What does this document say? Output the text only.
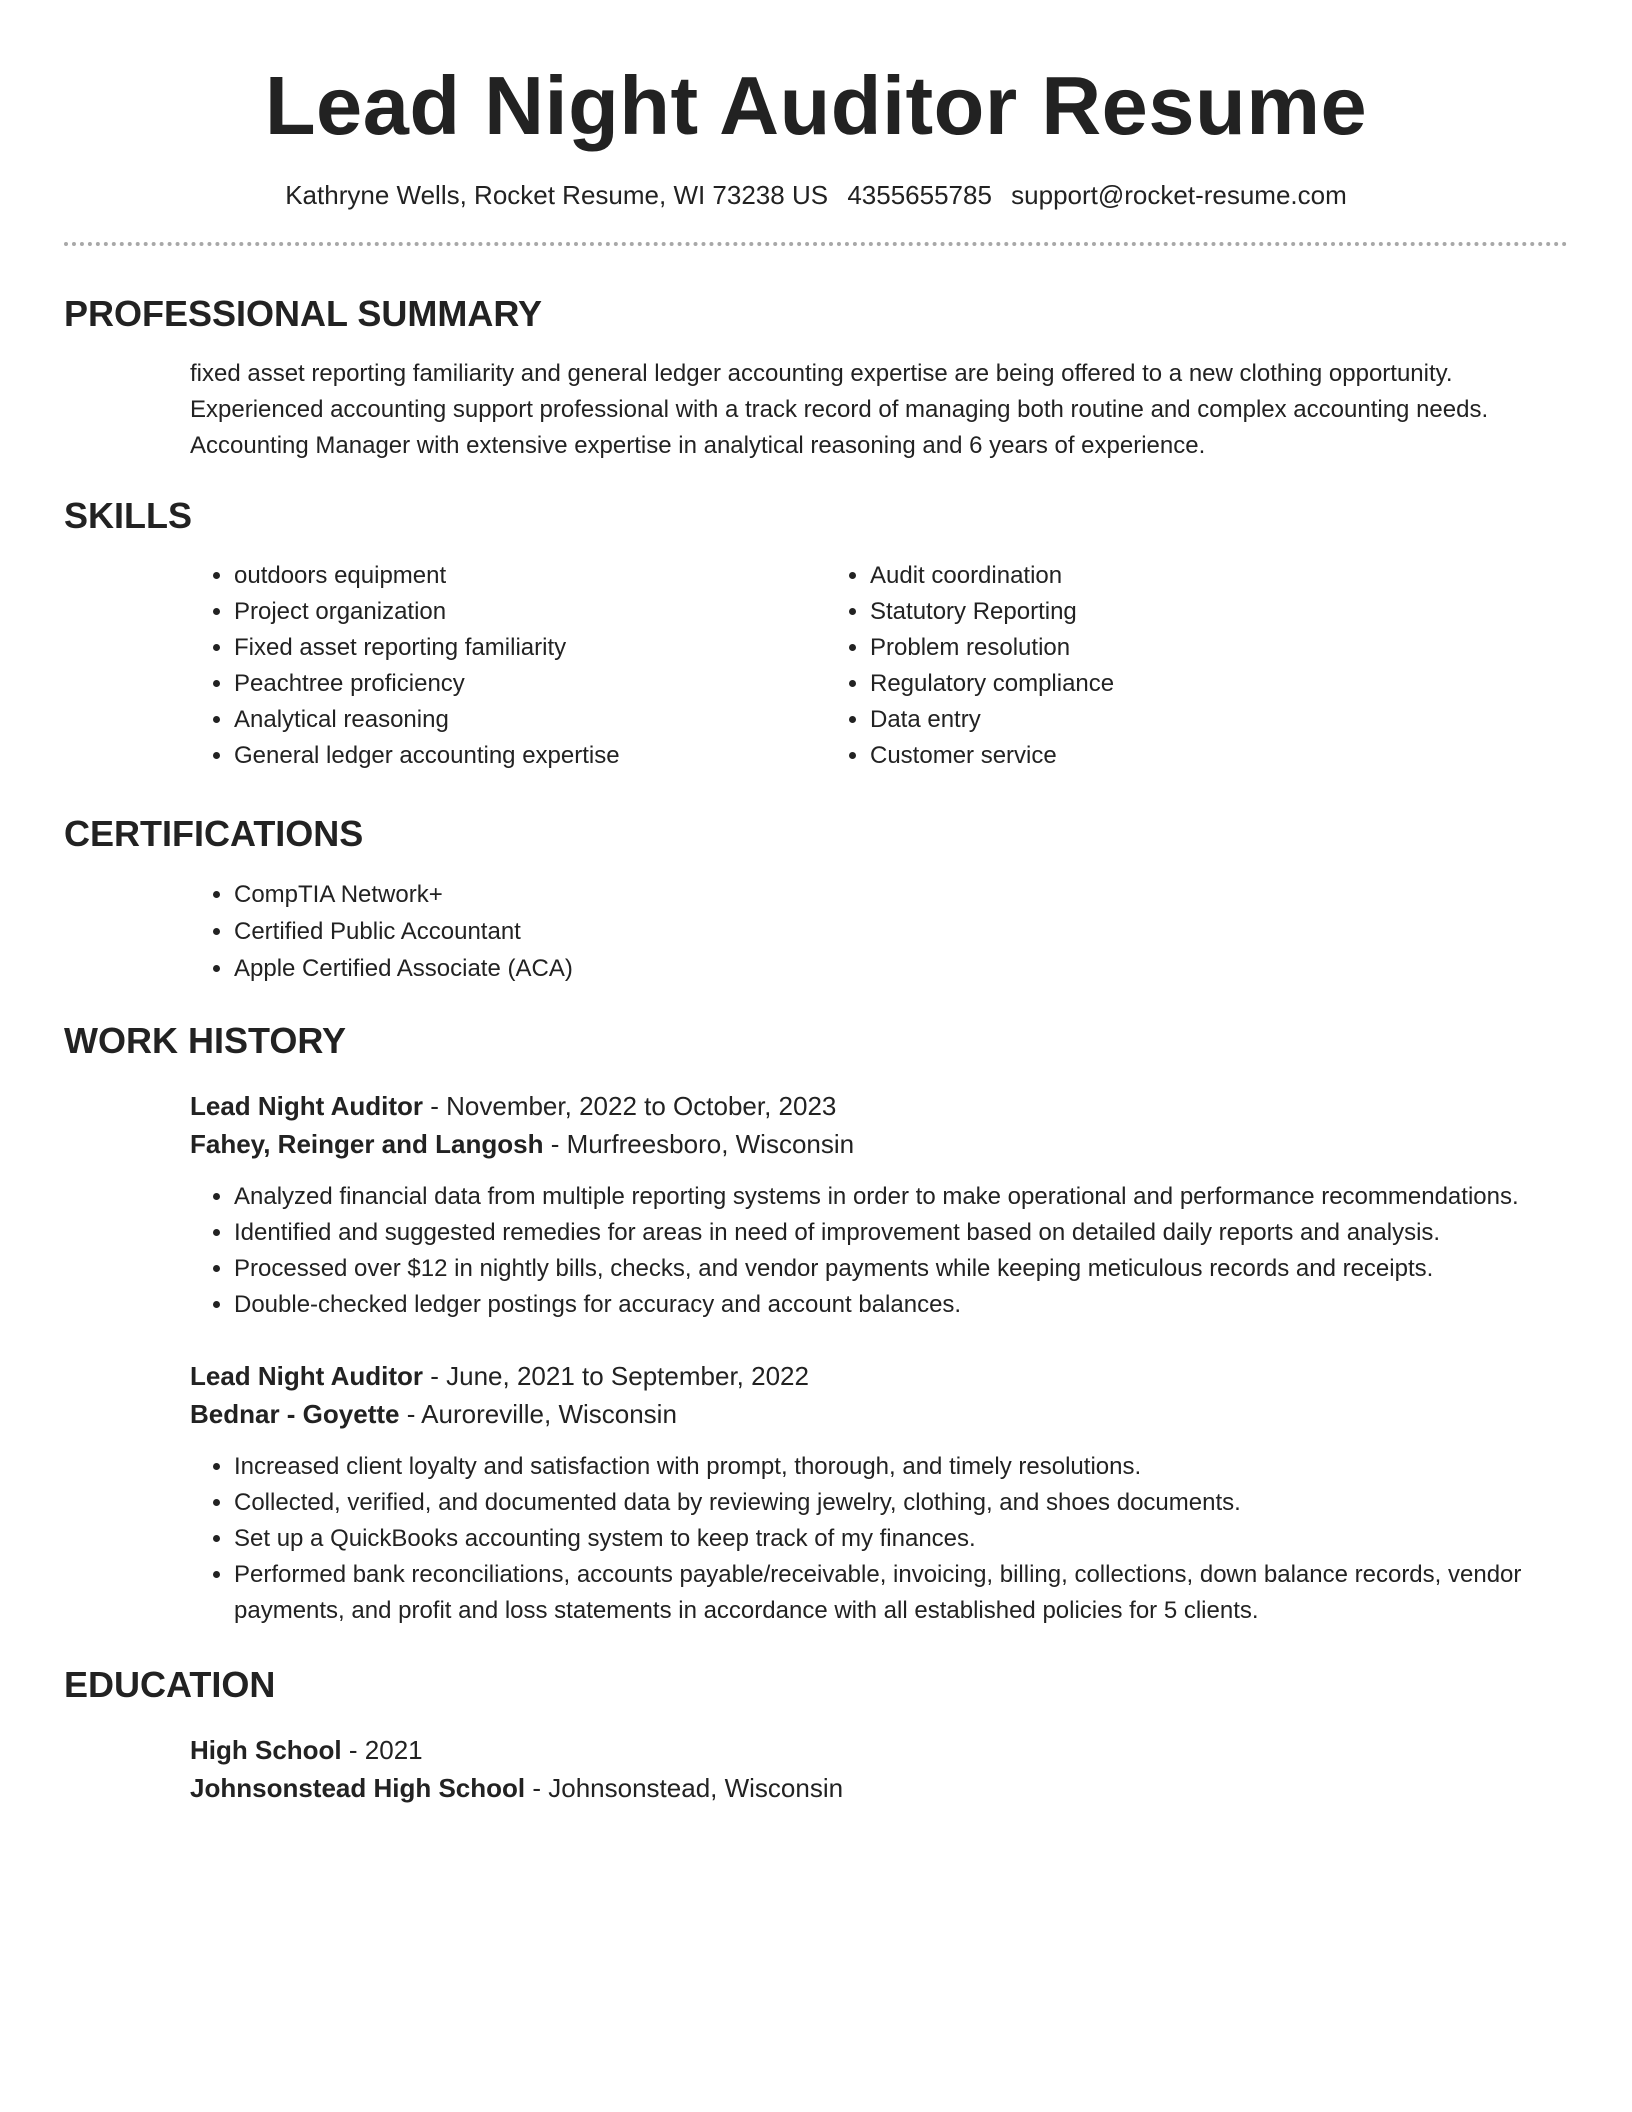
Lead Night Auditor Resume
Kathryne Wells, Rocket Resume, WI 73238 US 4355655785 support@rocket-resume.com
PROFESSIONAL SUMMARY

fixed asset reporting familiarity and general ledger accounting expertise are being offered to a new clothing opportunity. Experienced accounting support professional with a track record of managing both routine and complex accounting needs. Accounting Manager with extensive expertise in analytical reasoning and 6 years of experience.

SKILLS
• outdoors equipment
• Project organization
• Fixed asset reporting familiarity
• Peachtree proficiency
• Analytical reasoning
• General ledger accounting expertise
• Audit coordination
• Statutory Reporting
• Problem resolution
• Regulatory compliance
• Data entry
• Customer service
CERTIFICATIONS
• CompTIA Network+
• Certified Public Accountant
• Apple Certified Associate (ACA)
WORK HISTORY
Lead Night Auditor - November, 2022 to October, 2023
Fahey, Reinger and Langosh - Murfreesboro, Wisconsin
• Analyzed financial data from multiple reporting systems in order to make operational and performance recommendations.
• Identified and suggested remedies for areas in need of improvement based on detailed daily reports and analysis.
• Processed over $12 in nightly bills, checks, and vendor payments while keeping meticulous records and receipts.
• Double-checked ledger postings for accuracy and account balances.
Lead Night Auditor - June, 2021 to September, 2022
Bednar - Goyette - Auroreville, Wisconsin
• Increased client loyalty and satisfaction with prompt, thorough, and timely resolutions.
• Collected, verified, and documented data by reviewing jewelry, clothing, and shoes documents.
• Set up a QuickBooks accounting system to keep track of my finances.
• Performed bank reconciliations, accounts payable/receivable, invoicing, billing, collections, down balance records, vendor payments, and profit and loss statements in accordance with all established policies for 5 clients.
EDUCATION
High School - 2021
Johnsonstead High School - Johnsonstead, Wisconsin
